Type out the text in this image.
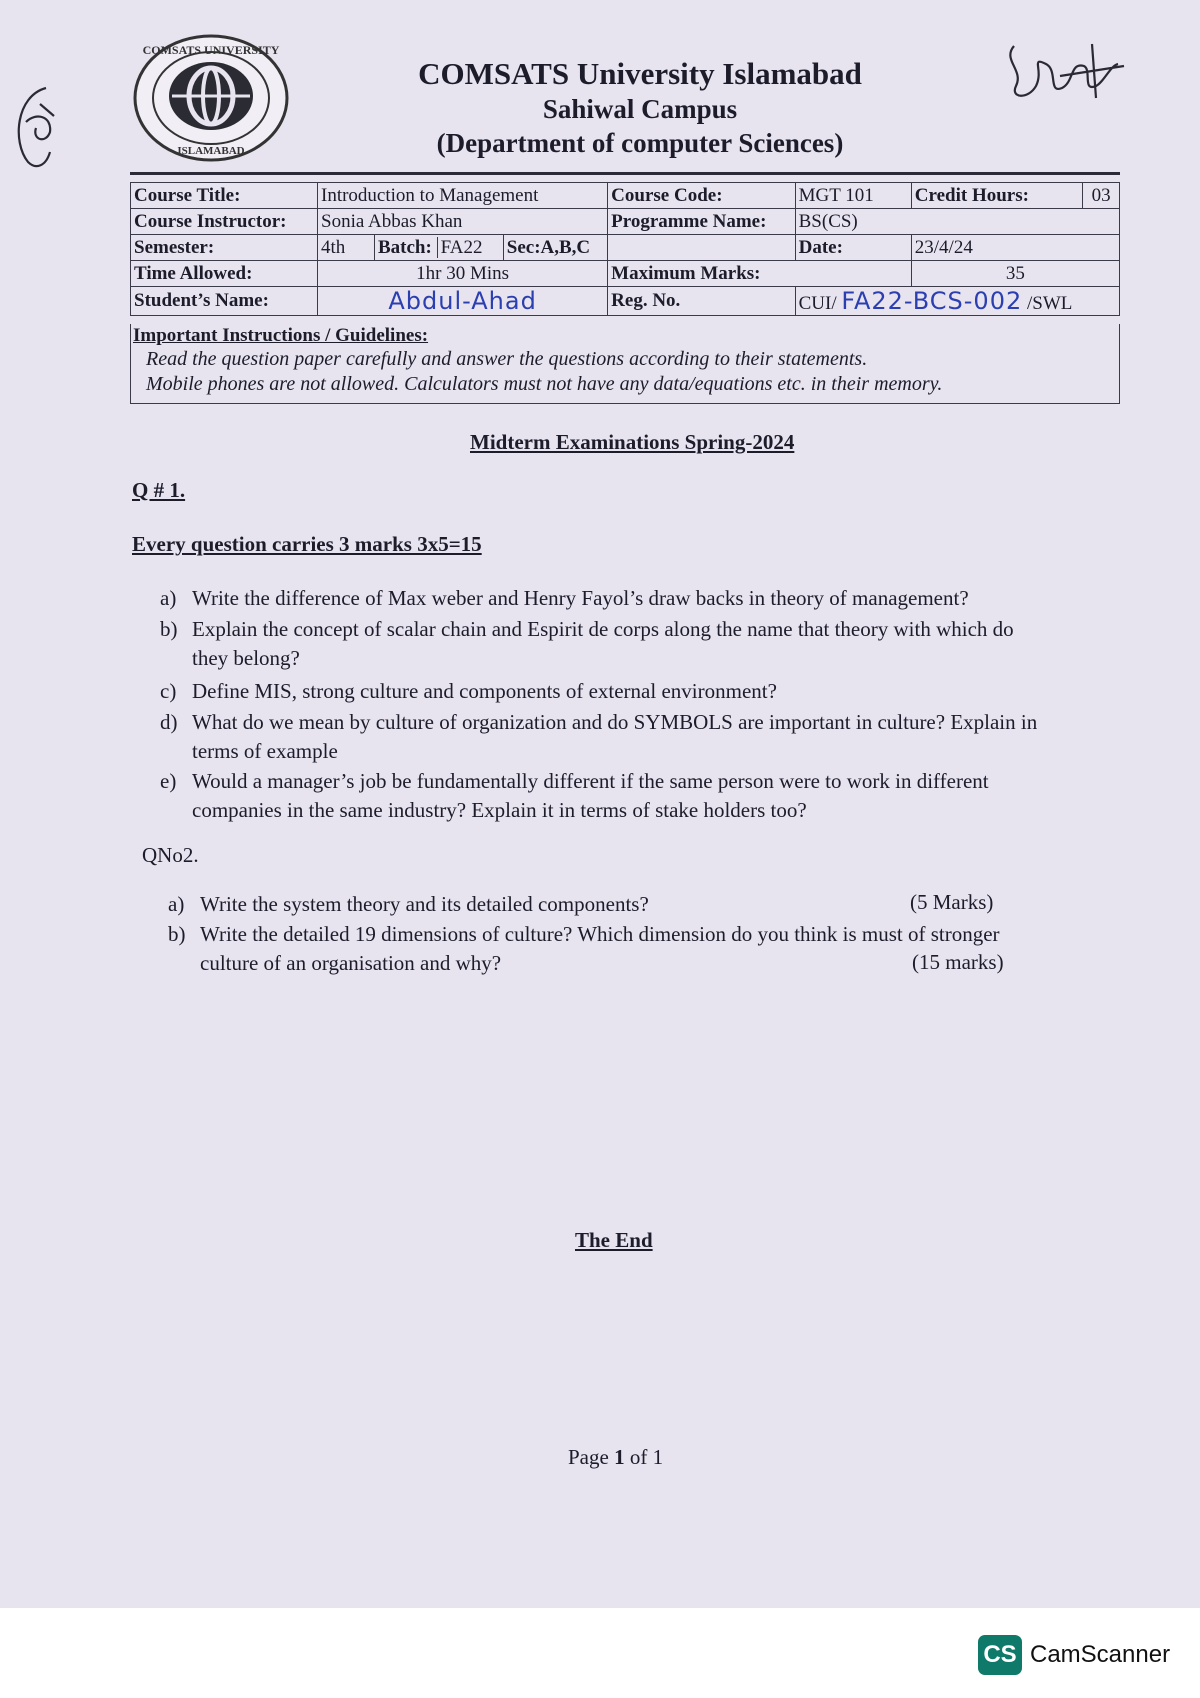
COMSATS UNIVERSITY
ISLAMABAD
COMSATS University Islamabad
Sahiwal Campus
(Department of computer Sciences)
Course Title:	Introduction to Management			Course Code:	MGT 101	Credit Hours:	03
Course Instructor:	Sonia Abbas Khan			Programme Name:	BS(CS)		
Semester:	4th	Batch: FA22	Sec:A,B,C		Date:	23/4/24	
Time Allowed:	1hr 30 Mins			Maximum Marks:		35	
Student’s Name:	Abdul-Ahad			Reg. No.	CUI/ FA22-BCS-002 /SWL		
Important Instructions / Guidelines:
Read the question paper carefully and answer the questions according to their statements.
Mobile phones are not allowed. Calculators must not have any data/equations etc. in their memory.
Midterm Examinations Spring-2024
Q # 1.
Every question carries 3 marks 3x5=15
a) Write the difference of Max weber and Henry Fayol’s draw backs in theory of management?
b) Explain the concept of scalar chain and Espirit de corps along the name that theory with which do they belong?
c) Define MIS, strong culture and components of external environment?
d) What do we mean by culture of organization and do SYMBOLS are important in culture? Explain in terms of example
e) Would a manager’s job be fundamentally different if the same person were to work in different companies in the same industry? Explain it in terms of stake holders too?
QNo2.
a) Write the system theory and its detailed components?	(5 Marks)
b) Write the detailed 19 dimensions of culture? Which dimension do you think is must of stronger culture of an organisation and why?	(15 marks)
The End
Page 1 of 1
CS CamScanner
